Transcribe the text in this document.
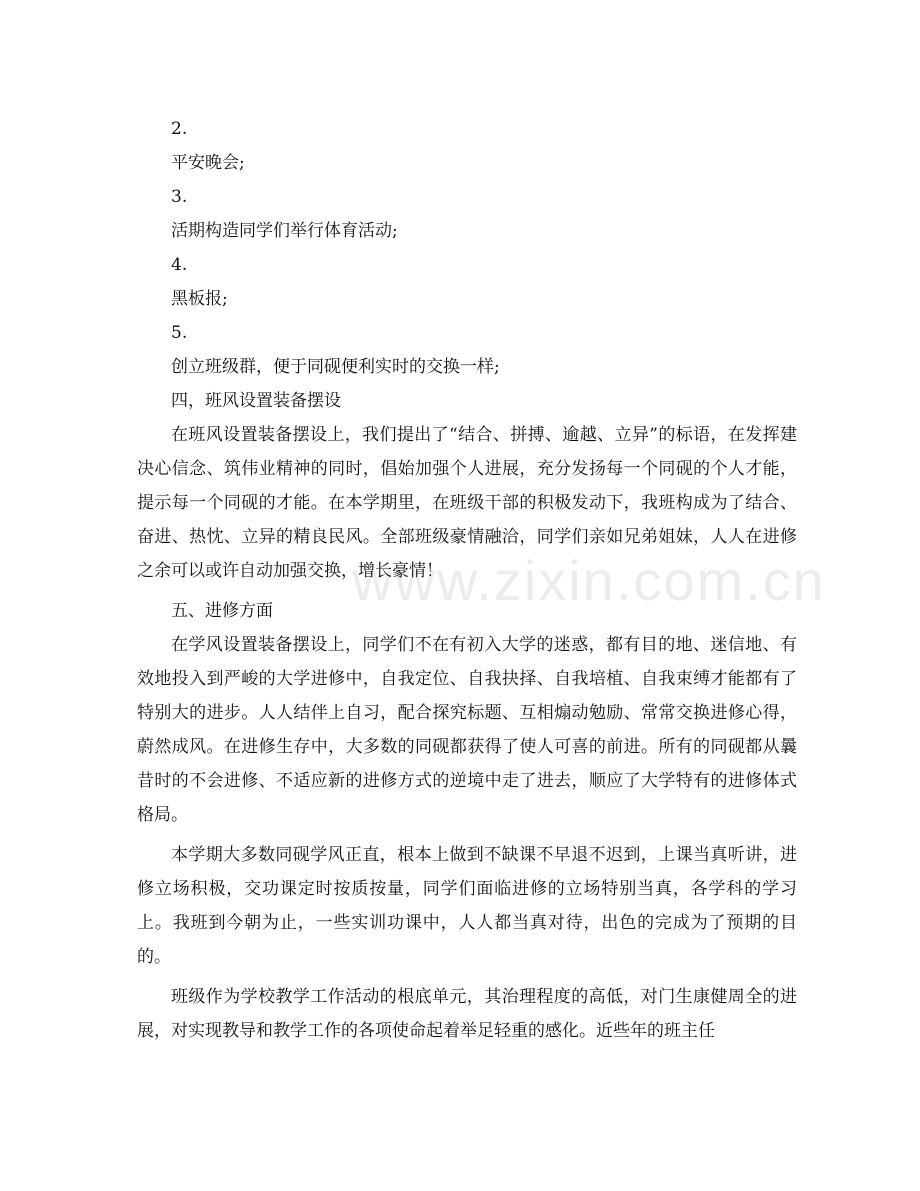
www.zixin.com.cn

2.

平安晚会;

3.

活期构造同学们举行体育活动;

4.

黑板报;

5.

创立班级群，便于同砚便利实时的交换一样;

四，班风设置装备摆设

在班风设置装备摆设上，我们提出了“结合、拼搏、逾越、立异”的标语，在发挥建决心信念、筑伟业精神的同时，倡始加强个人进展，充分发扬每一个同砚的个人才能，提示每一个同砚的才能。在本学期里，在班级干部的积极发动下，我班构成为了结合、奋进、热忱、立异的精良民风。全部班级豪情融洽，同学们亲如兄弟姐妹，人人在进修之余可以或许自动加强交换，增长豪情！

五、进修方面

在学风设置装备摆设上，同学们不在有初入大学的迷惑，都有目的地、迷信地、有效地投入到严峻的大学进修中，自我定位、自我抉择、自我培植、自我束缚才能都有了特别大的进步。人人结伴上自习，配合探究标题、互相煽动勉励、常常交换进修心得，蔚然成风。在进修生存中，大多数的同砚都获得了使人可喜的前进。所有的同砚都从曩昔时的不会进修、不适应新的进修方式的逆境中走了进去，顺应了大学特有的进修体式格局。

本学期大多数同砚学风正直，根本上做到不缺课不早退不迟到，上课当真听讲，进修立场积极，交功课定时按质按量，同学们面临进修的立场特别当真，各学科的学习上。我班到今朝为止，一些实训功课中，人人都当真对待，出色的完成为了预期的目的。

班级作为学校教学工作活动的根底单元，其治理程度的高低，对门生康健周全的进展，对实现教导和教学工作的各项使命起着举足轻重的感化。近些年的班主任
